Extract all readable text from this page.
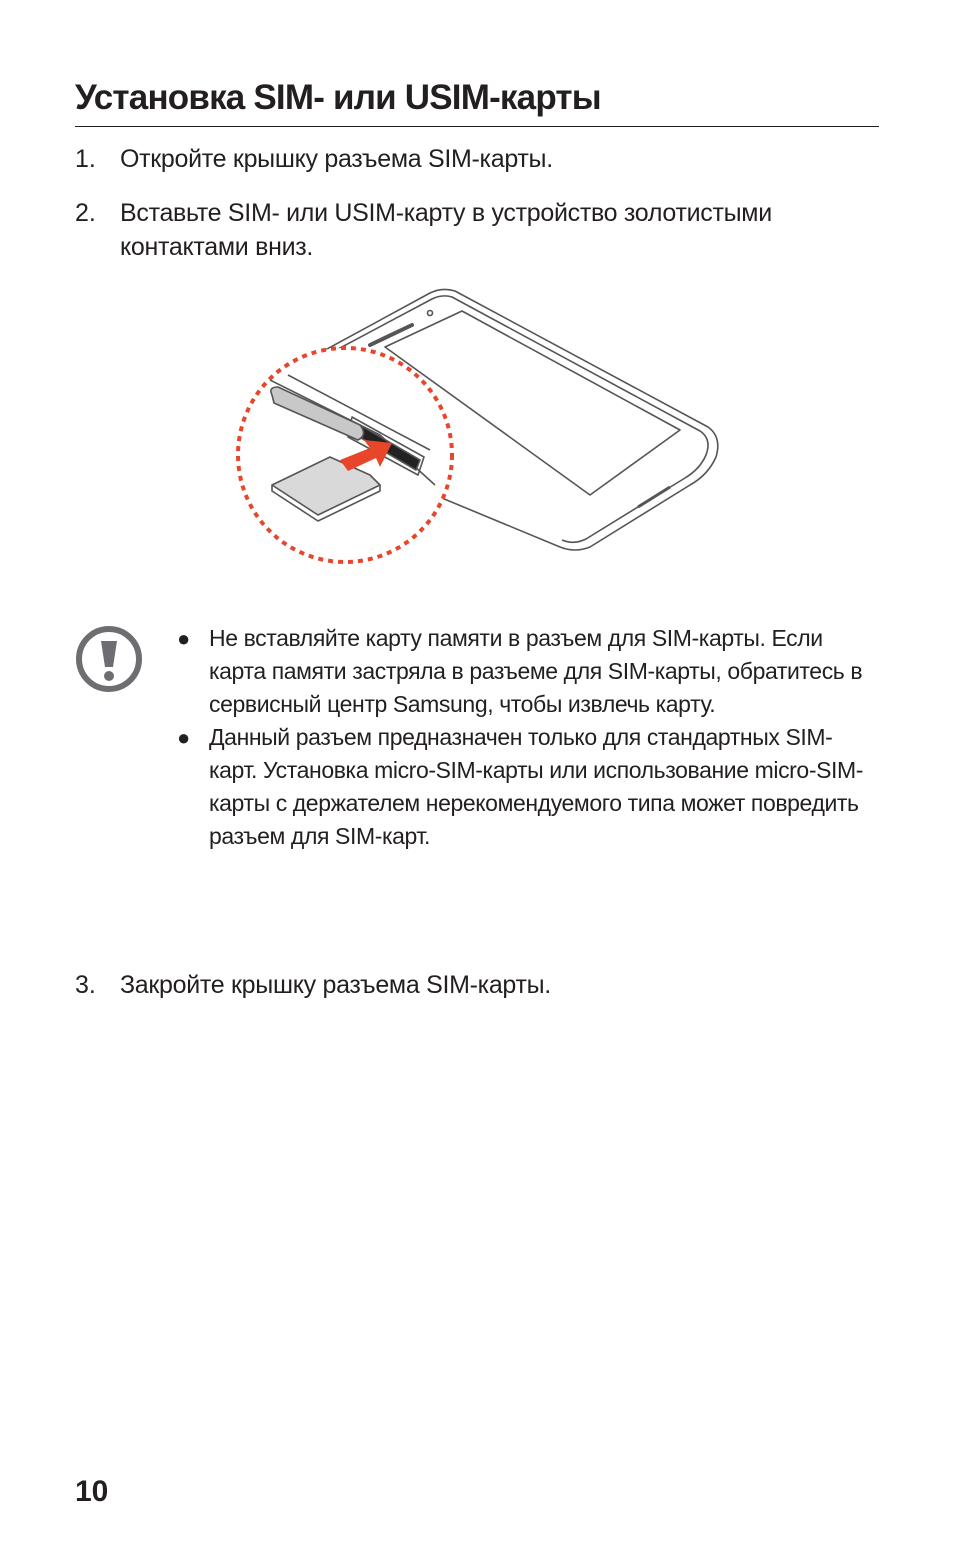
Установка SIM- или USIM-карты
1. Откройте крышку разъема SIM-карты.
2. Вставьте SIM- или USIM-карту в устройство золотистыми контактами вниз.
● Не вставляйте карту памяти в разъем для SIM-карты. Если карта памяти застряла в разъеме для SIM-карты, обратитесь в сервисный центр Samsung, чтобы извлечь карту.
● Данный разъем предназначен только для стандартных SIM-карт. Установка micro-SIM-карты или использование micro-SIM-карты с держателем нерекомендуемого типа может повредить разъем для SIM-карт.
3. Закройте крышку разъема SIM-карты.
10
